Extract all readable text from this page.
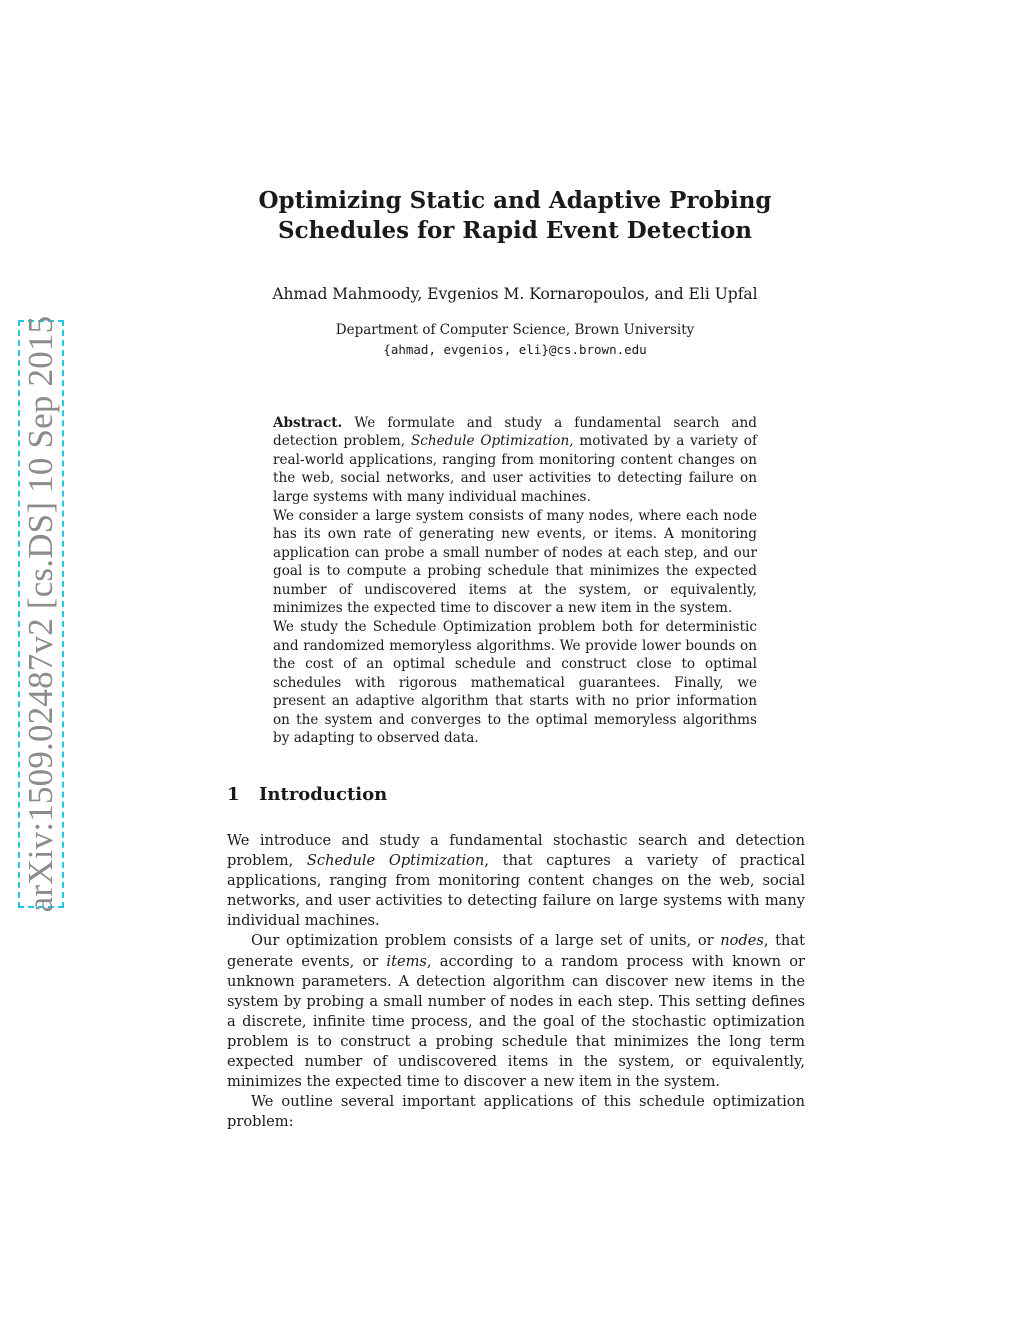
arXiv:1509.02487v2 [cs.DS] 10 Sep 2015
Optimizing Static and Adaptive Probing
Schedules for Rapid Event Detection
Ahmad Mahmoody, Evgenios M. Kornaropoulos, and Eli Upfal
Department of Computer Science, Brown University
{ahmad, evgenios, eli}@cs.brown.edu

Abstract. We formulate and study a fundamental search and detection problem, Schedule Optimization, motivated by a variety of real-world applications, ranging from monitoring content changes on the web, social networks, and user activities to detecting failure on large systems with many individual machines.

We consider a large system consists of many nodes, where each node has its own rate of generating new events, or items. A monitoring application can probe a small number of nodes at each step, and our goal is to compute a probing schedule that minimizes the expected number of undiscovered items at the system, or equivalently, minimizes the expected time to discover a new item in the system.

We study the Schedule Optimization problem both for deterministic and randomized memoryless algorithms. We provide lower bounds on the cost of an optimal schedule and construct close to optimal schedules with rigorous mathematical guarantees. Finally, we present an adaptive algorithm that starts with no prior information on the system and converges to the optimal memoryless algorithms by adapting to observed data.

1 Introduction

We introduce and study a fundamental stochastic search and detection problem, Schedule Optimization, that captures a variety of practical applications, ranging from monitoring content changes on the web, social networks, and user activities to detecting failure on large systems with many individual machines.

Our optimization problem consists of a large set of units, or nodes, that generate events, or items, according to a random process with known or unknown parameters. A detection algorithm can discover new items in the system by probing a small number of nodes in each step. This setting defines a discrete, infinite time process, and the goal of the stochastic optimization problem is to construct a probing schedule that minimizes the long term expected number of undiscovered items in the system, or equivalently, minimizes the expected time to discover a new item in the system.

We outline several important applications of this schedule optimization problem:
